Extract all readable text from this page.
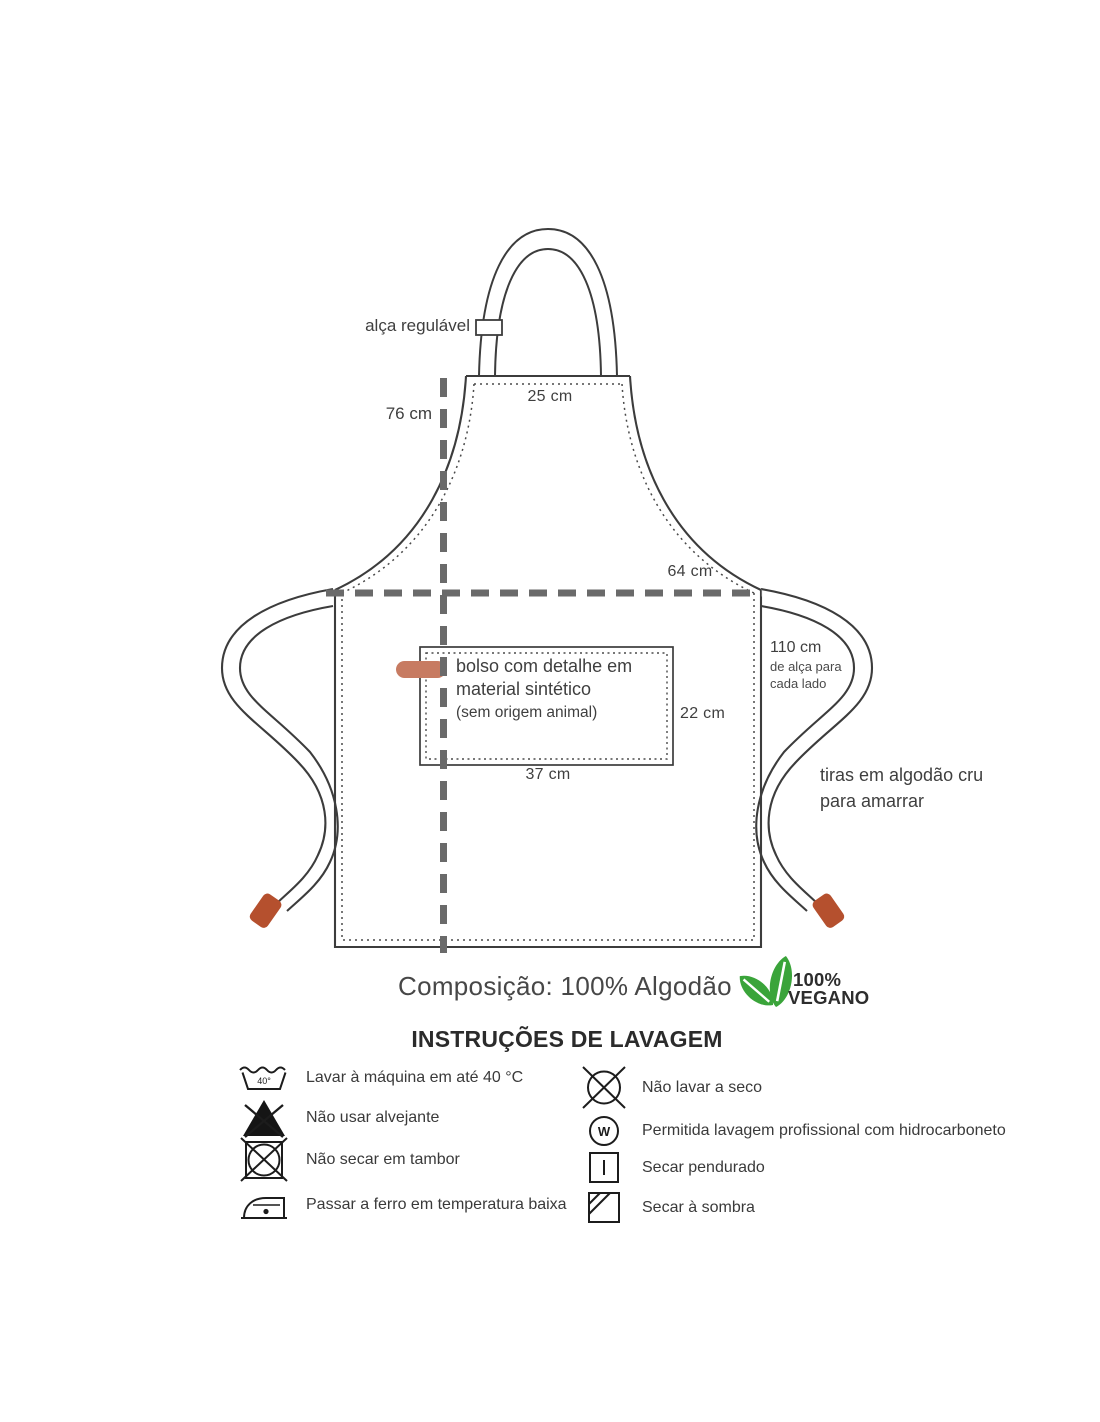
alça regulável
25 cm
76 cm
64 cm
bolso com detalhe em
material sintético
(sem origem animal)	22 cm
37 cm
110 cm
de alça para
cada lado
tiras em algodão cru
para amarrar
Composição: 100% Algodão	100%
VEGANO
INSTRUÇÕES DE LAVAGEM
40° Lavar à máquina em até 40 °C
Não usar alvejante
Não secar em tambor
Passar a ferro em temperatura baixa
Não lavar a seco
W Permitida lavagem profissional com hidrocarboneto
Secar pendurado
Secar à sombra
